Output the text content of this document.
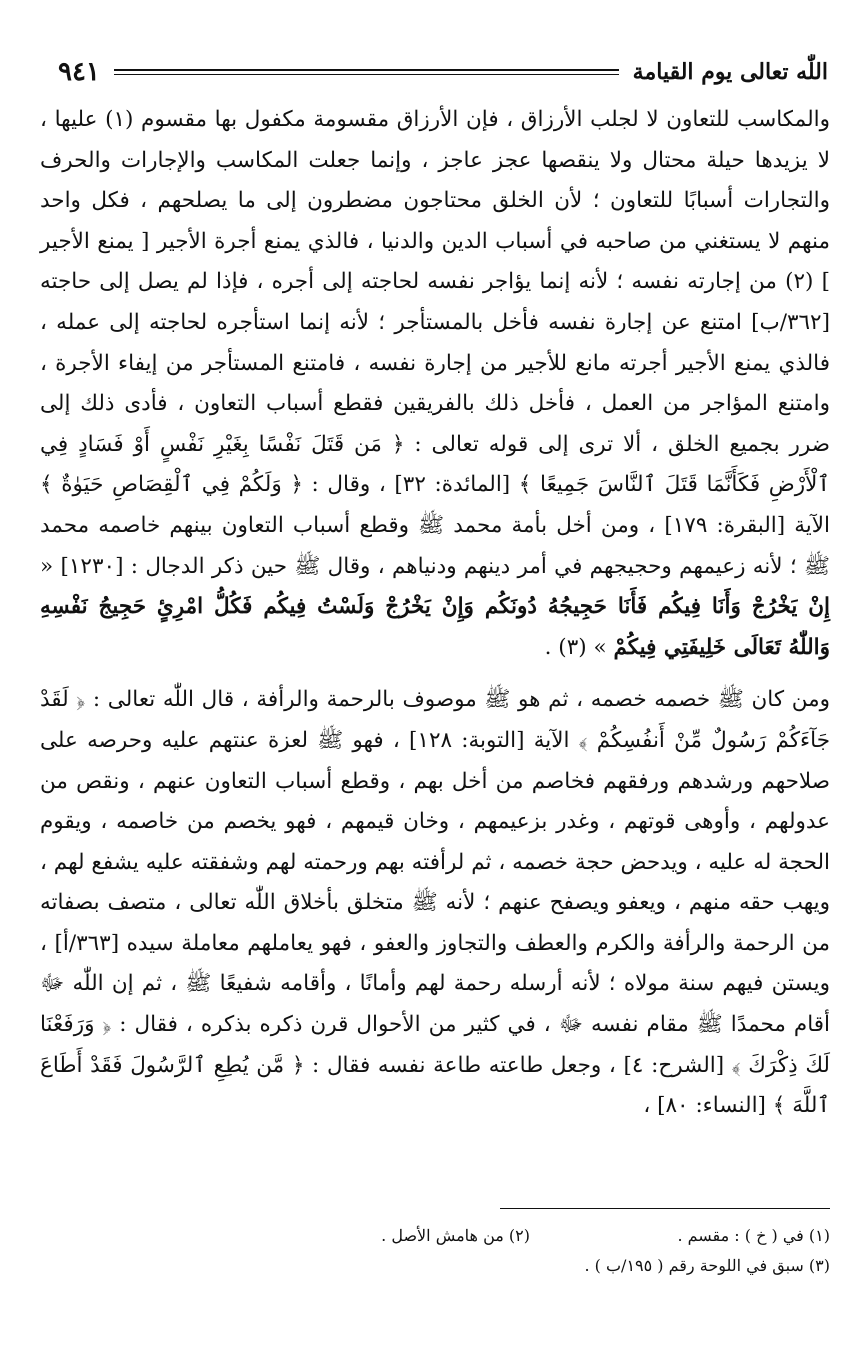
اللّٰه تعالى يوم القيامة
٩٤١

والمكاسب للتعاون لا لجلب الأرزاق ، فإن الأرزاق مقسومة مكفول بها مقسوم (١) عليها ، لا يزيدها حيلة محتال ولا ينقصها عجز عاجز ، وإنما جعلت المكاسب والإجارات والحرف والتجارات أسبابًا للتعاون ؛ لأن الخلق محتاجون مضطرون إلى ما يصلحهم ، فكل واحد منهم لا يستغني من صاحبه في أسباب الدين والدنيا ، فالذي يمنع أجرة الأجير [ يمنع الأجير ] (٢) من إجارته نفسه ؛ لأنه إنما يؤاجر نفسه لحاجته إلى أجره ، فإذا لم يصل إلى حاجته [٣٦٢/ب] امتنع عن إجارة نفسه فأخل بالمستأجر ؛ لأنه إنما استأجره لحاجته إلى عمله ، فالذي يمنع الأجير أجرته مانع للأجير من إجارة نفسه ، فامتنع المستأجر من إيفاء الأجرة ، وامتنع المؤاجر من العمل ، فأخل ذلك بالفريقين فقطع أسباب التعاون ، فأدى ذلك إلى ضرر بجميع الخلق ، ألا ترى إلى قوله تعالى : ﴿ مَن قَتَلَ نَفْسًا بِغَيْرِ نَفْسٍ أَوْ فَسَادٍ فِي ٱلْأَرْضِ فَكَأَنَّمَا قَتَلَ ٱلنَّاسَ جَمِيعًا ﴾ [المائدة: ٣٢] ، وقال : ﴿ وَلَكُمْ فِي ٱلْقِصَاصِ حَيَوٰةٌ ﴾ الآية [البقرة: ١٧٩] ، ومن أخل بأمة محمد ﷺ وقطع أسباب التعاون بينهم خاصمه محمد ﷺ ؛ لأنه زعيمهم وحجيجهم في أمر دينهم ودنياهم ، وقال ﷺ حين ذكر الدجال : [١٢٣٠] « إِنْ يَخْرُجْ وَأَنَا فِيكُم فَأَنَا حَجِيجُهُ دُونَكُم وَإِنْ يَخْرُجْ وَلَسْتُ فِيكُم فَكُلُّ امْرِئٍ حَجِيجُ نَفْسِهِ وَاللّٰهُ تَعَالَى خَلِيفَتِي فِيكُمْ » (٣) .

ومن كان ﷺ خصمه خصمه ، ثم هو ﷺ موصوف بالرحمة والرأفة ، قال اللّٰه تعالى : ﴿ لَقَدْ جَآءَكُمْ رَسُولٌ مِّنْ أَنفُسِكُمْ ﴾ الآية [التوبة: ١٢٨] ، فهو ﷺ لعزة عنتهم عليه وحرصه على صلاحهم ورشدهم ورفقهم فخاصم من أخل بهم ، وقطع أسباب التعاون عنهم ، ونقص من عدولهم ، وأوهى قوتهم ، وغدر بزعيمهم ، وخان قيمهم ، فهو يخصم من خاصمه ، ويقوم الحجة له عليه ، ويدحض حجة خصمه ، ثم لرأفته بهم ورحمته لهم وشفقته عليه يشفع لهم ، ويهب حقه منهم ، ويعفو ويصفح عنهم ؛ لأنه ﷺ متخلق بأخلاق اللّٰه تعالى ، متصف بصفاته من الرحمة والرأفة والكرم والعطف والتجاوز والعفو ، فهو يعاملهم معاملة سيده [٣٦٣/أ] ، ويستن فيهم سنة مولاه ؛ لأنه أرسله رحمة لهم وأمانًا ، وأقامه شفيعًا ﷺ ، ثم إن اللّٰه ﷻ أقام محمدًا ﷺ مقام نفسه ﷻ ، في كثير من الأحوال قرن ذكره بذكره ، فقال : ﴿ وَرَفَعْنَا لَكَ ذِكْرَكَ ﴾ [الشرح: ٤] ، وجعل طاعته طاعة نفسه فقال : ﴿ مَّن يُطِعِ ٱلرَّسُولَ فَقَدْ أَطَاعَ ٱللَّهَ ﴾ [النساء: ٨٠] ،

(١) في ( خ ) : مقسم .
(٢) من هامش الأصل .
(٣) سبق في اللوحة رقم ( ١٩٥/ب ) .
